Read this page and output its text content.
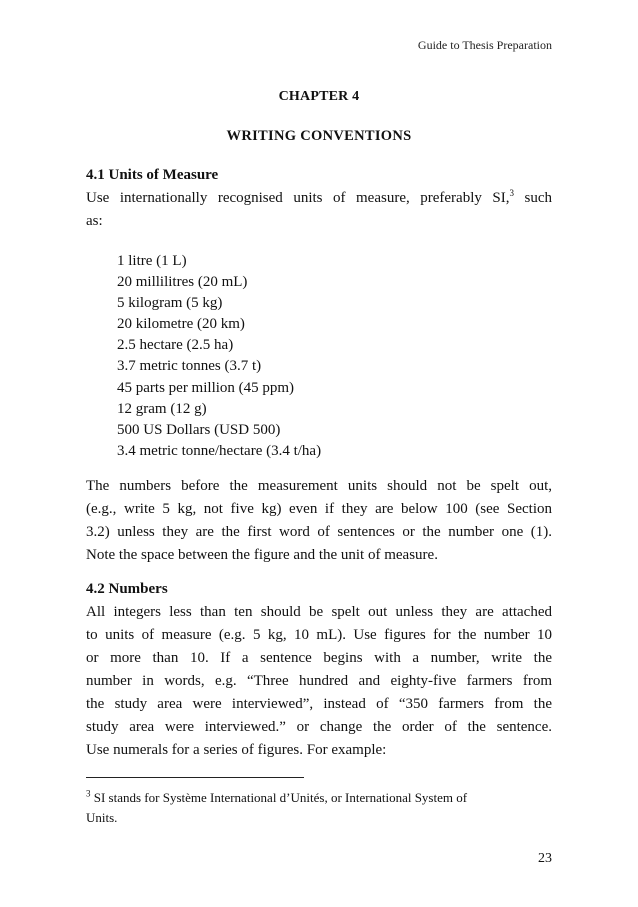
Guide to Thesis Preparation
CHAPTER 4
WRITING CONVENTIONS
4.1 Units of Measure
Use internationally recognised units of measure, preferably SI,$^3$ such
as:
1 litre (1 L)
20 millilitres (20 mL)
5 kilogram (5 kg)
20 kilometre (20 km)
2.5 hectare (2.5 ha)
3.7 metric tonnes (3.7 t)
45 parts per million (45 ppm)
12 gram (12 g)
500 US Dollars (USD 500)
3.4 metric tonne/hectare (3.4 t/ha)
The numbers before the measurement units should not be spelt out,
(e.g., write 5 kg, not five kg) even if they are below 100 (see Section
3.2) unless they are the first word of sentences or the number one (1).
Note the space between the figure and the unit of measure.
4.2 Numbers
All integers less than ten should be spelt out unless they are attached
to units of measure (e.g. 5 kg, 10 mL). Use figures for the number 10
or more than 10. If a sentence begins with a number, write the
number in words, e.g. “Three hundred and eighty-five farmers from
the study area were interviewed”, instead of “350 farmers from the
study area were interviewed.” or change the order of the sentence.
Use numerals for a series of figures. For example:
$^3$ SI stands for Système International d’Unités, or International System of
Units.
23
